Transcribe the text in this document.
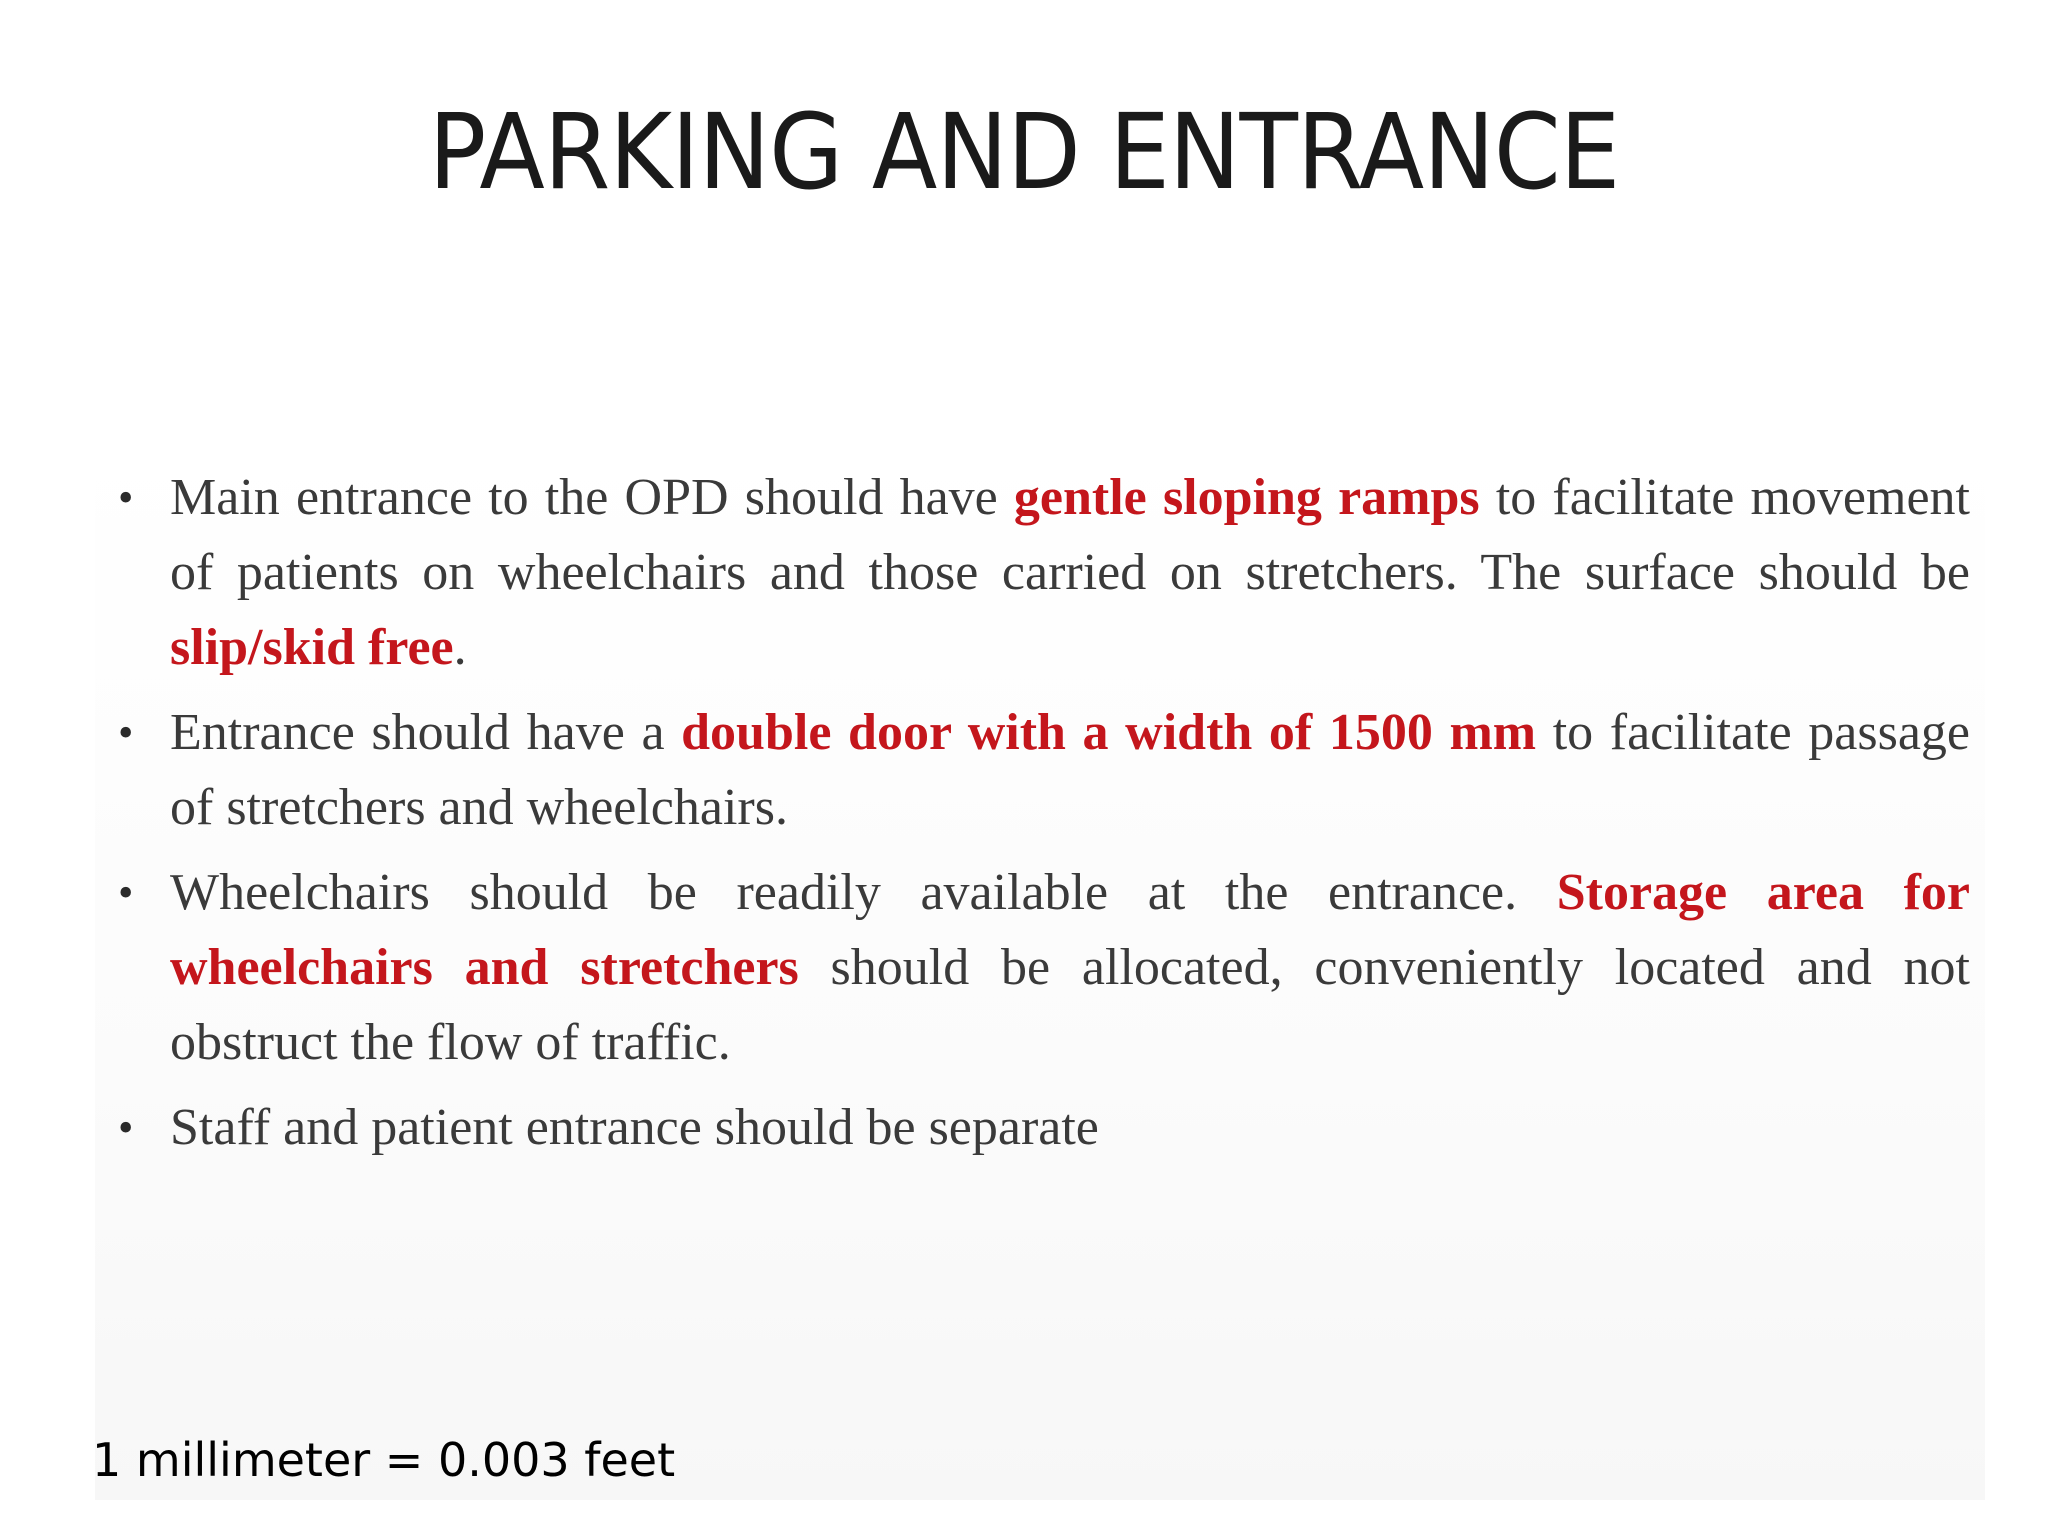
PARKING AND ENTRANCE
• Main entrance to the OPD should have gentle sloping ramps to facilitate movement of patients on wheelchairs and those carried on stretchers. The surface should be slip/skid free.
• Entrance should have a double door with a width of 1500 mm to facilitate passage of stretchers and wheelchairs.
• Wheelchairs should be readily available at the entrance. Storage area for wheelchairs and stretchers should be allocated, conveniently located and not obstruct the flow of traffic.
• Staff and patient entrance should be separate
1 millimeter = 0.003 feet
